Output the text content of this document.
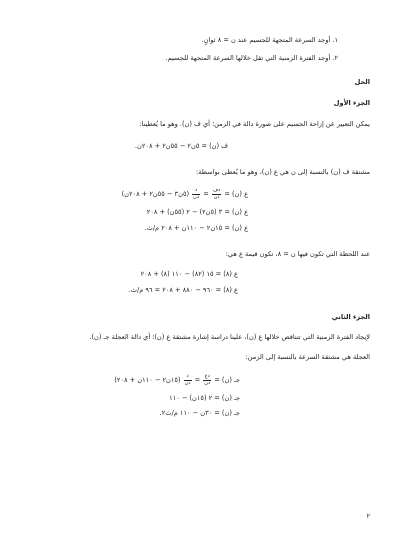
١. أوجد السرعة المتجهة للجسيم عند ن = ٨ ثوانٍ.
٢. أوجد الفترة الزمنية التي تقل خلالها السرعة المتجهة للجسيم.
الحل
الجزء الأول
يمكن التعبير عن إزاحة الجسيم على صورة دالة في الزمن؛ أي ف (ن). وهو ما يُعطينا:
ف (ن) = ٥ن٢ − ٥٥ن٢ + ٢٠٨ن.
مشتقة ف (ن) بالنسبة إلى ن هي ع (ن)، وهو ما يُعطى بواسطة:
ع (ن) =
$\frac{\text{دف}}{\text{دن}}$
=
$\frac{\text{د}}{\text{دن}}$
(٥ن٣ − ٥٥ن٢ + ٢٠٨ن)
ع (ن) = ٣ (٥ن٢) − ٢ (٥٥ن) + ٢٠٨
ع (ن) = ١٥ن٢ − ١١٠ن + ٢٠٨ م/ث.
عند اللحظة التي تكون فيها ن = ٨، تكون قيمة ع هي:
ع (٨) = ١٥ (٨٢) − ١١٠ (٨) + ٢٠٨
ع (٨) = ٩٦٠ − ٨٨٠ + ٢٠٨ = ٩٦ م/ث.
الجزء الثاني
لإيجاد الفترة الزمنية التي تتناقص خلالها ع (ن)، علينا دراسة إشارة مشتقة ع (ن)؛ أي دالة العجلة جـ (ن).
العجلة هي مشتقة السرعة بالنسبة إلى الزمن:
جـ (ن) =
$\frac{\text{دع}}{\text{دن}}$
=
$\frac{\text{د}}{\text{دن}}$
(١٥ن٢ − ١١٠ن + ٢٠٨)
جـ (ن) = ٢ (١٥ن) − ١١٠
جـ (ن) = ٣٠ن − ١١٠ م/ث٢.
٢
